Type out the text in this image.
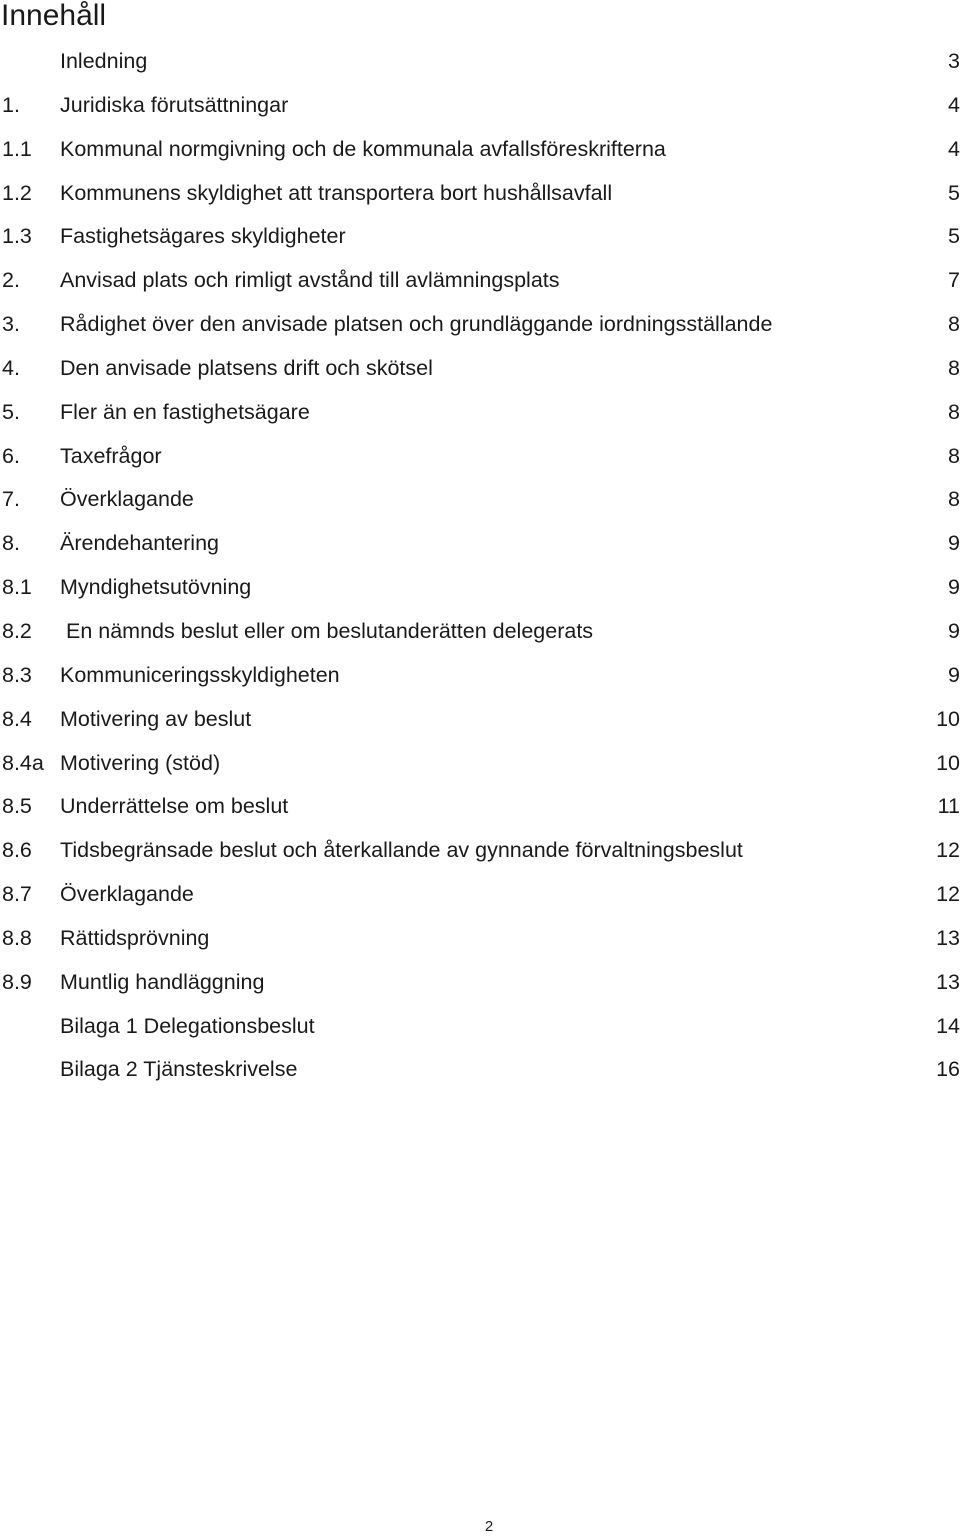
Innehåll
Inledning	3
1. Juridiska förutsättningar	4
1.1 Kommunal normgivning och de kommunala avfallsföreskrifterna	4
1.2 Kommunens skyldighet att transportera bort hushållsavfall	5
1.3 Fastighetsägares skyldigheter	5
2. Anvisad plats och rimligt avstånd till avlämningsplats	7
3. Rådighet över den anvisade platsen och grundläggande iordningsställande	8
4. Den anvisade platsens drift och skötsel	8
5. Fler än en fastighetsägare	8
6. Taxefrågor	8
7. Överklagande	8
8. Ärendehantering	9
8.1 Myndighetsutövning	9
8.2 En nämnds beslut eller om beslutanderätten delegerats	9
8.3 Kommuniceringsskyldigheten	9
8.4 Motivering av beslut	10
8.4a Motivering (stöd)	10
8.5 Underrättelse om beslut	11
8.6 Tidsbegränsade beslut och återkallande av gynnande förvaltningsbeslut	12
8.7 Överklagande	12
8.8 Rättidsprövning	13
8.9 Muntlig handläggning	13
Bilaga 1 Delegationsbeslut	14
Bilaga 2 Tjänsteskrivelse	16
2
